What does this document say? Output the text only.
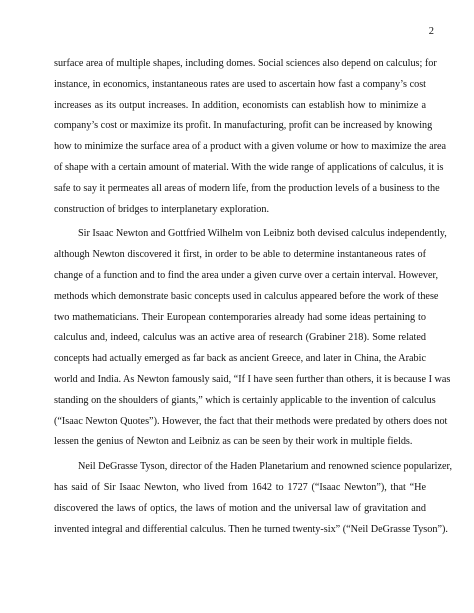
2
surface area of multiple shapes, including domes. Social sciences also depend on calculus; for
instance, in economics, instantaneous rates are used to ascertain how fast a company’s cost
increases as its output increases. In addition, economists can establish how to minimize a
company’s cost or maximize its profit. In manufacturing, profit can be increased by knowing
how to minimize the surface area of a product with a given volume or how to maximize the area
of shape with a certain amount of material. With the wide range of applications of calculus, it is
safe to say it permeates all areas of modern life, from the production levels of a business to the
construction of bridges to interplanetary exploration.
Sir Isaac Newton and Gottfried Wilhelm von Leibniz both devised calculus independently,
although Newton discovered it first, in order to be able to determine instantaneous rates of
change of a function and to find the area under a given curve over a certain interval. However,
methods which demonstrate basic concepts used in calculus appeared before the work of these
two mathematicians. Their European contemporaries already had some ideas pertaining to
calculus and, indeed, calculus was an active area of research (Grabiner 218). Some related
concepts had actually emerged as far back as ancient Greece, and later in China, the Arabic
world and India. As Newton famously said, “If I have seen further than others, it is because I was
standing on the shoulders of giants,” which is certainly applicable to the invention of calculus
(“Isaac Newton Quotes”). However, the fact that their methods were predated by others does not
lessen the genius of Newton and Leibniz as can be seen by their work in multiple fields.
Neil DeGrasse Tyson, director of the Haden Planetarium and renowned science popularizer,
has said of Sir Isaac Newton, who lived from 1642 to 1727 (“Isaac Newton”), that “He
discovered the laws of optics, the laws of motion and the universal law of gravitation and
invented integral and differential calculus. Then he turned twenty-six” (“Neil DeGrasse Tyson”).
